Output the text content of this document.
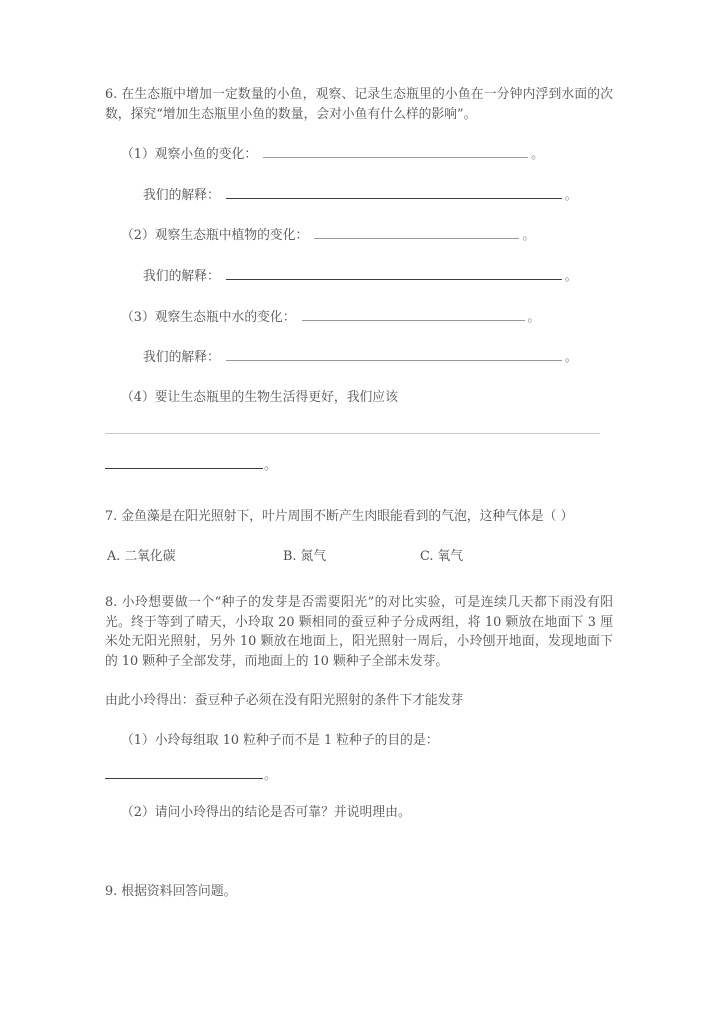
6. 在生态瓶中增加一定数量的小鱼，观察、记录生态瓶里的小鱼在一分钟内浮到水面的次数，探究“增加生态瓶里小鱼的数量，会对小鱼有什么样的影响”。

（1）观察小鱼的变化：	。
我们的解释：	。
（2）观察生态瓶中植物的变化：	。
我们的解释：	。
（3）观察生态瓶中水的变化：	。
我们的解释：	。
（4）要让生态瓶里的生物生活得更好，我们应该
。

7. 金鱼藻是在阳光照射下，叶片周围不断产生肉眼能看到的气泡，这种气体是（ ）

A. 二氧化碳	B. 氮气	C. 氧气

8. 小玲想要做一个“种子的发芽是否需要阳光”的对比实验，可是连续几天都下雨没有阳光。终于等到了晴天，小玲取 20 颗相同的蚕豆种子分成两组，将 10 颗放在地面下 3 厘米处无阳光照射，另外 10 颗放在地面上，阳光照射一周后，小玲刨开地面，发现地面下的 10 颗种子全部发芽，而地面上的 10 颗种子全部未发芽。

由此小玲得出：蚕豆种子必须在没有阳光照射的条件下才能发芽

（1）小玲每组取 10 粒种子而不是 1 粒种子的目的是：
。
（2）请问小玲得出的结论是否可靠？并说明理由。

9. 根据资料回答问题。
